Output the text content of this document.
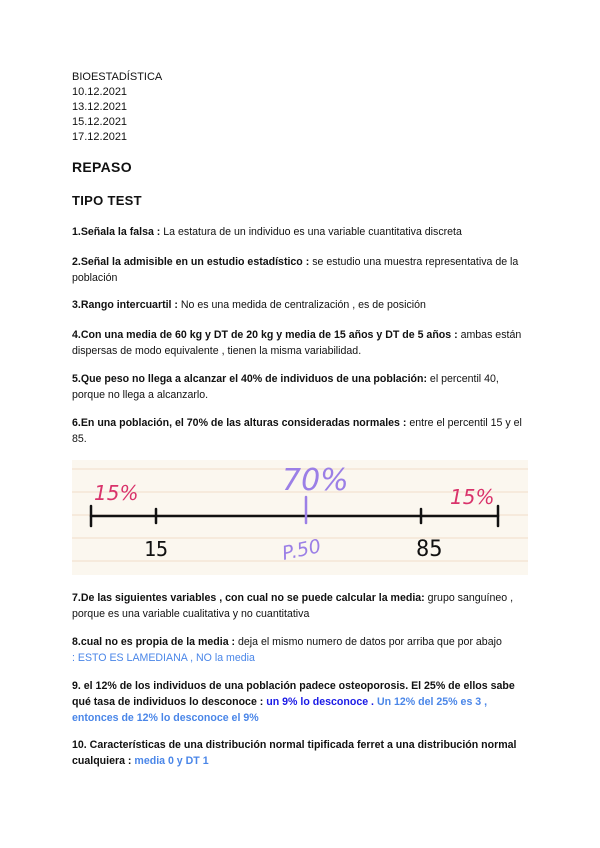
BIOESTADÍSTICA
10.12.2021
13.12.2021
15.12.2021
17.12.2021
REPASO
TIPO TEST
1.Señala la falsa : La estatura de un individuo es una variable cuantitativa discreta
2.Señal la admisible en un estudio estadístico : se estudio una muestra representativa de la población
3.Rango intercuartil : No es una medida de centralización , es de posición
4.Con una media de 60 kg y DT de 20 kg y media de 15 años y DT de 5 años : ambas están dispersas de modo equivalente , tienen la misma variabilidad.
5.Que peso no llega a alcanzar el 40% de individuos de una población: el percentil 40, porque no llega a alcanzarlo.
6.En una población, el 70% de las alturas consideradas normales : entre el percentil 15 y el 85.
70%
15%	15%
15	P.50	85
7.De las siguientes variables , con cual no se puede calcular la media: grupo sanguíneo , porque es una variable cualitativa y no cuantitativa
8.cual no es propia de la media : deja el mismo numero de datos por arriba que por abajo
: ESTO ES LAMEDIANA , NO la media
9. el 12% de los individuos de una población padece osteoporosis. El 25% de ellos sabe qué tasa de individuos lo desconoce : un 9% lo desconoce . Un 12% del 25% es 3 , entonces de 12% lo desconoce el 9%
10. Características de una distribución normal tipificada ferret a una distribución normal cualquiera : media 0 y DT 1
